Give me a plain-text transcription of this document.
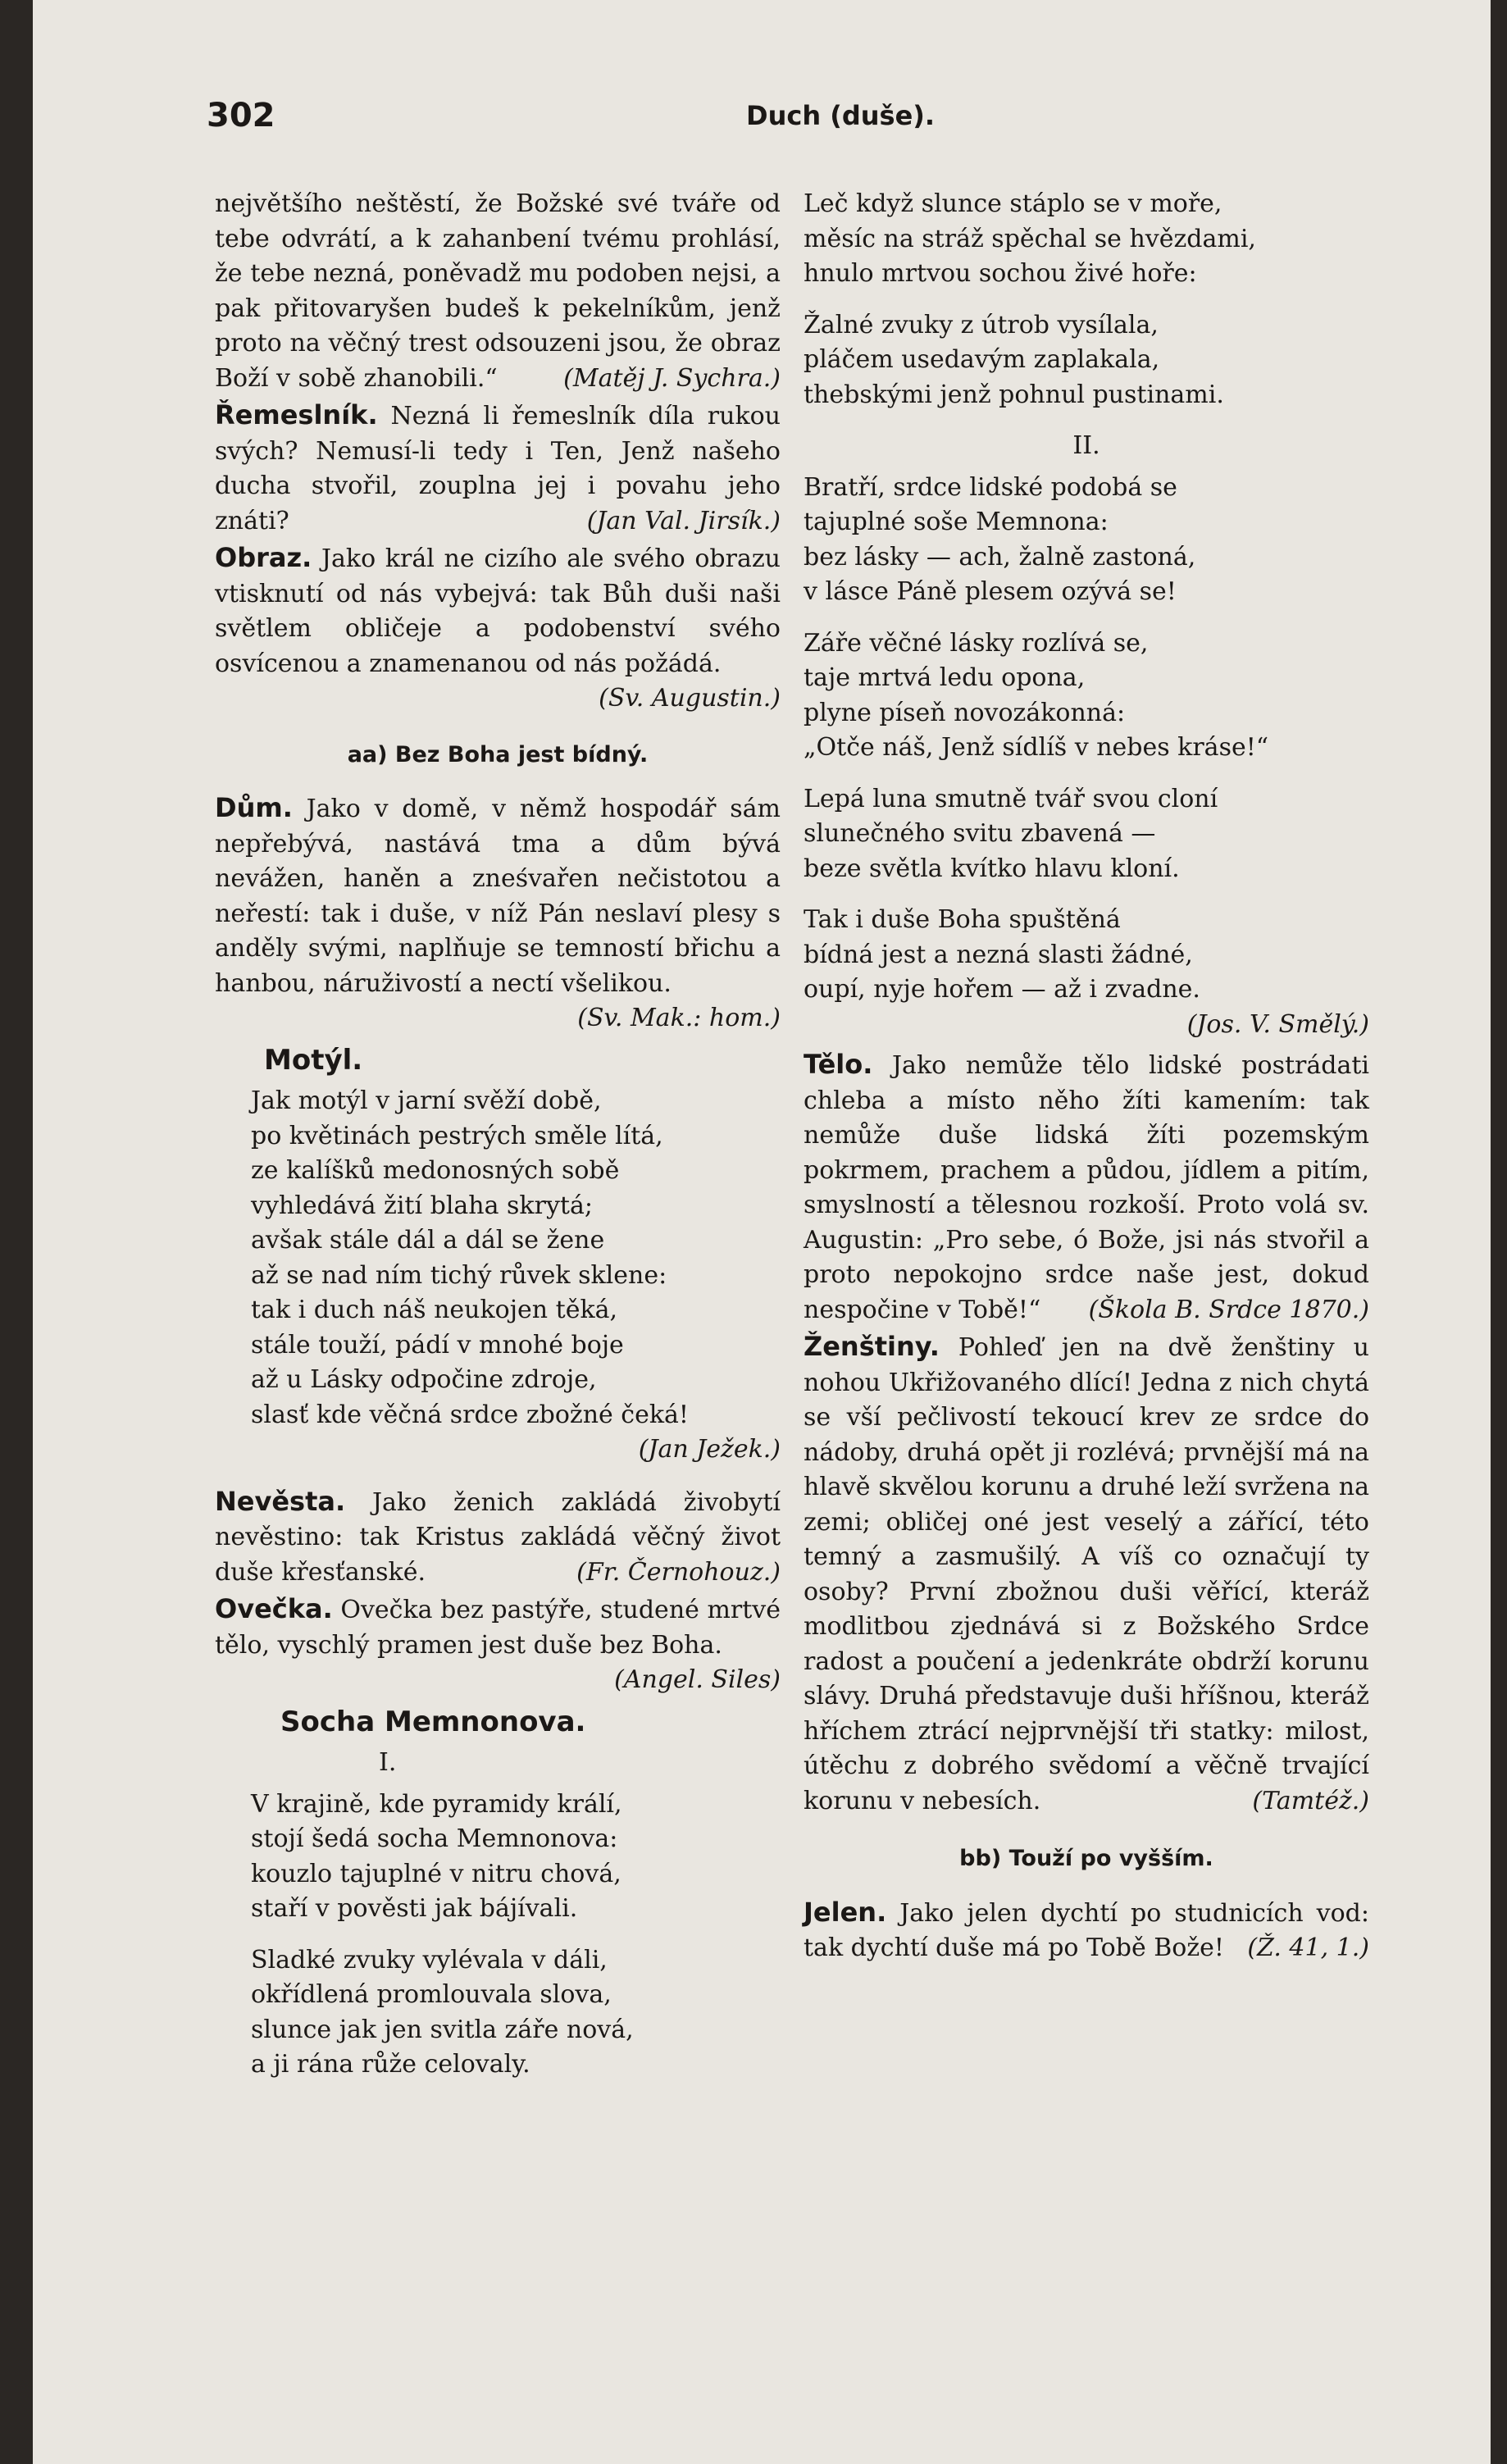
302	Duch (duše).

největšího neštěstí, že Božské své tváře od tebe odvrátí, a k zahanbení tvému prohlásí, že tebe nezná, poněvadž mu podoben nejsi, a pak přitovaryšen budeš k pekelníkům, jenž proto na věčný trest odsouzeni jsou, že obraz Boží v sobě zhanobili.“	(Matěj J. Sychra.)

Řemeslník. Nezná li řemeslník díla rukou svých? Nemusí-li tedy i Ten, Jenž našeho ducha stvořil, zouplna jej i povahu jeho znáti?	(Jan Val. Jirsík.)

Obraz. Jako král ne cizího ale svého obrazu vtisknutí od nás vybejvá: tak Bůh duši naši světlem obličeje a podobenství svého osvícenou a znamenanou od nás požádá.
(Sv. Augustin.)

aa) Bez Boha jest bídný.

Dům. Jako v domě, v němž hospodář sám nepřebývá, nastává tma a dům bývá nevážen, haněn a zneśvařen nečistotou a neřestí: tak i duše, v níž Pán neslaví plesy s anděly svými, naplňuje se temností břichu a hanbou, náruživostí a nectí všelikou.
(Sv. Mak.: hom.)

Motýl.
Jak motýl v jarní svěží době,
po květinách pestrých směle lítá,
ze kalíšků medonosných sobě
vyhledává žití blaha skrytá;
avšak stále dál a dál se žene
až se nad ním tichý růvek sklene:
tak i duch náš neukojen těká,
stále touží, pádí v mnohé boje
až u Lásky odpočine zdroje,
slasť kde věčná srdce zbožné čeká!
(Jan Ježek.)

Nevěsta. Jako ženich zakládá živobytí nevěstino: tak Kristus zakládá věčný život duše křesťanské.	(Fr. Černohouz.)

Ovečka. Ovečka bez pastýře, studené mrtvé tělo, vyschlý pramen jest duše bez Boha.
(Angel. Siles)

Socha Memnonova.
I.
V krajině, kde pyramidy králí,
stojí šedá socha Memnonova:
kouzlo tajuplné v nitru chová,
staří v pověsti jak bájívali.
Sladké zvuky vylévala v dáli,
okřídlená promlouvala slova,
slunce jak jen svitla záře nová,
a ji rána růže celovaly.
Leč když slunce stáplo se v moře,
měsíc na stráž spěchal se hvězdami,
hnulo mrtvou sochou živé hoře:
Žalné zvuky z útrob vysílala,
pláčem usedavým zaplakala,
thebskými jenž pohnul pustinami.
II.
Bratří, srdce lidské podobá se
tajuplné soše Memnona:
bez lásky — ach, žalně zastoná,
v lásce Páně plesem ozývá se!
Záře věčné lásky rozlívá se,
taje mrtvá ledu opona,
plyne píseň novozákonná:
„Otče náš, Jenž sídlíš v nebes kráse!“
Lepá luna smutně tvář svou cloní
slunečného svitu zbavená —
beze světla kvítko hlavu kloní.
Tak i duše Boha spuštěná
bídná jest a nezná slasti žádné,
oupí, nyje hořem — až i zvadne.
(Jos. V. Smělý.)

Tělo. Jako nemůže tělo lidské postrádati chleba a místo něho žíti kamením: tak nemůže duše lidská žíti pozemským pokrmem, prachem a půdou, jídlem a pitím, smyslností a tělesnou rozkoší. Proto volá sv. Augustin: „Pro sebe, ó Bože, jsi nás stvořil a proto nepokojno srdce naše jest, dokud nespočine v Tobě!“ (Škola B. Srdce 1870.)

Ženštiny. Pohleď jen na dvě ženštiny u nohou Ukřižovaného dlící! Jedna z nich chytá se vší pečlivostí tekoucí krev ze srdce do nádoby, druhá opět ji rozlévá; prvnější má na hlavě skvělou korunu a druhé leží svržena na zemi; obličej oné jest veselý a zářící, této temný a zasmušilý. A víš co označují ty osoby? První zbožnou duši věřící, kteráž modlitbou zjednává si z Božského Srdce radost a poučení a jedenkráte obdrží korunu slávy. Druhá představuje duši hříšnou, kteráž hříchem ztrácí nejprvnější tři statky: milost, útěchu z dobrého svědomí a věčně trvající korunu v nebesích.	(Tamtéž.)

bb) Touží po vyšším.

Jelen. Jako jelen dychtí po studnicích vod: tak dychtí duše má po Tobě Bože! (Ž. 41, 1.)
